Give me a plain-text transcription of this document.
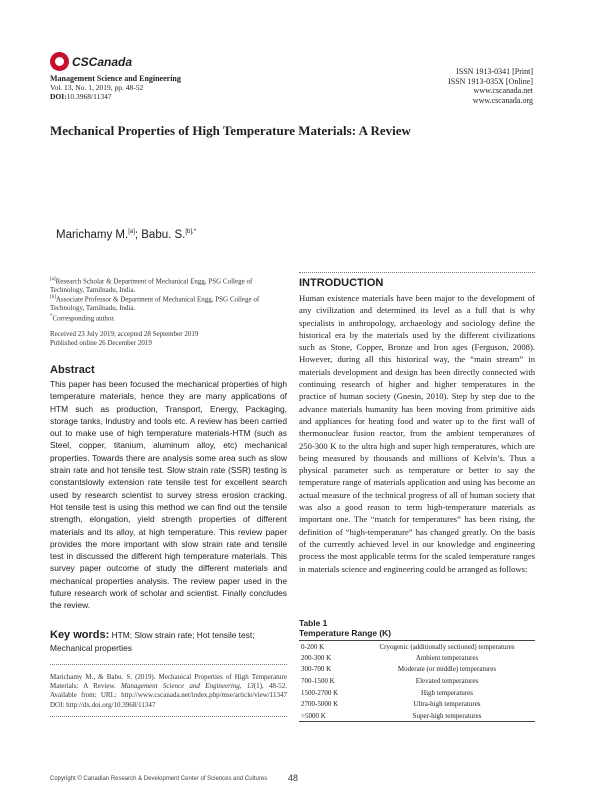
CSCanada
Management Science and Engineering
Vol. 13, No. 1, 2019, pp. 48-52
DOI:10.3968/11347
ISSN 1913-0341 [Print]
ISSN 1913-035X [Online]
www.cscanada.net
www.cscanada.org
Mechanical Properties of High Temperature Materials: A Review
Marichamy M.[a]; Babu. S.$^{[b],*}$
[a]Research Scholar & Department of Mechanical Engg, PSG College of Technology, Tamilnadu, India.
[b]Associate Professor & Department of Mechanical Engg, PSG College of Technology, Tamilnadu, India.
*Corresponding author.
Received 23 July 2019; accepted 28 September 2019
Published online 26 December 2019
Abstract

This paper has been focused the mechanical properties of high temperature materials, hence they are many applications of HTM such as production, Transport, Energy, Packaging, storage tanks, Industry and tools etc. A review has been carried out to make use of high temperature materials-HTM (such as Steel, copper, titanium, aluminum alloy, etc) mechanical properties. Towards there are analysis some area such as slow strain rate and hot tensile test. Slow strain rate (SSR) testing is constantslowly extension rate tensile test for excellent search used by research scientist to survey stress erosion cracking. Hot tensile test is using this method we can find out the tensile strength, elongation, yield strength properties of different materials and its alloy, at high temperature. This review paper provides the more important with slow strain rate and tensile test in discussed the different high temperature materials. This survey paper outcome of study the different materials and mechanical properties analysis. The review paper used in the future research work of scholar and scientist. Finally concludes the review.

Key words: HTM; Slow strain rate; Hot tensile test; Mechanical properties

Marichamy M., & Babu. S. (2019). Mechanical Properties of High Temperature Materials: A Review. Management Science and Engineering, 13(1), 48-52. Available from: URL: http://www.cscanada.net/index.php/mse/article/view/11347 DOI: http://dx.doi.org/10.3968/11347

INTRODUCTION

Human existence materials have been major to the development of any civilization and determined its level as a full that is why specialists in anthropology, archaeology and sociology define the historical era by the materials used by the different civilizations such as Stone, Copper, Bronze and Iron ages (Ferguson, 2008). However, during all this historical way, the “main stream” in materials development and design has been directly connected with continuing research of higher and higher temperatures in the practice of human society (Gnesin, 2010). Step by step due to the advance materials humanity has been moving from primitive aids and appliances for heating food and water up to the first wall of thermonuclear fusion reactor, from the ambient temperatures of 250-300 K to the ultra high and super high temperatures, which are being measured by thousands and millions of Kelvin’s. Thus a physical parameter such as temperature or better to say the temperature range of materials application and using has become an actual measure of the technical progress of all of human society that was also a good reason to term high-temperature materials as important one. The “match for temperatures” has been rising, the definition of “high-temperature” has changed greatly. On the basis of the currently achieved level in our knowledge and engineering process the most applicable terms for the scaled temperature ranges in materials science and engineering could be arranged as follows:

Table 1
Temperature Range (K)
0-200 K	Cryogenic (additionally sectioned) temperatures
200-300 K	Ambient temperatures
300-700 K	Moderate (or middle) temperatures
700-1500 K	Elevated temperatures
1500-2700 K	High temperatures
2700-5000 K	Ultra-high temperatures
>5000 K	Super-high temperatures
Copyright © Canadian Research & Development Center of Sciences and Cultures 48
